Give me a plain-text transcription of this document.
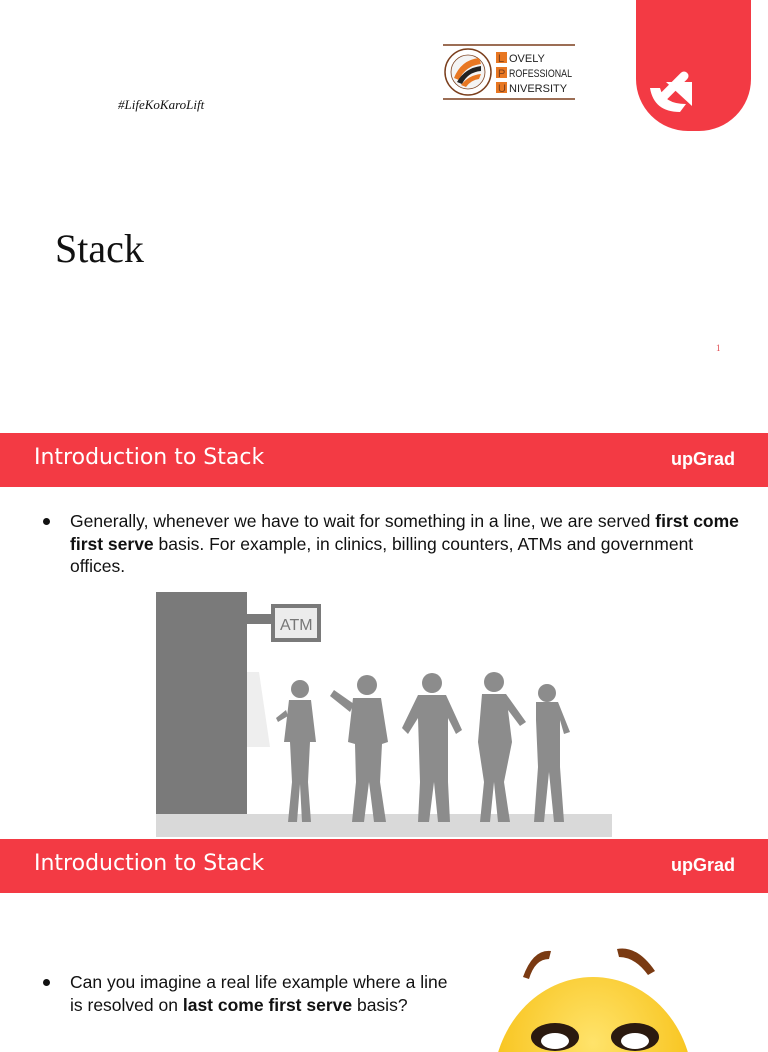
L
P
U
OVELY
ROFESSIONAL
NIVERSITY
#LifeKoKaroLift
Stack
1
Introduction to Stack	upGrad
Generally, whenever we have to wait for something in a line, we are served first come first serve basis. For example, in clinics, billing counters, ATMs and government offices.
ATM
Introduction to Stack	upGrad
Can you imagine a real life example where a line is resolved on last come first serve basis?
